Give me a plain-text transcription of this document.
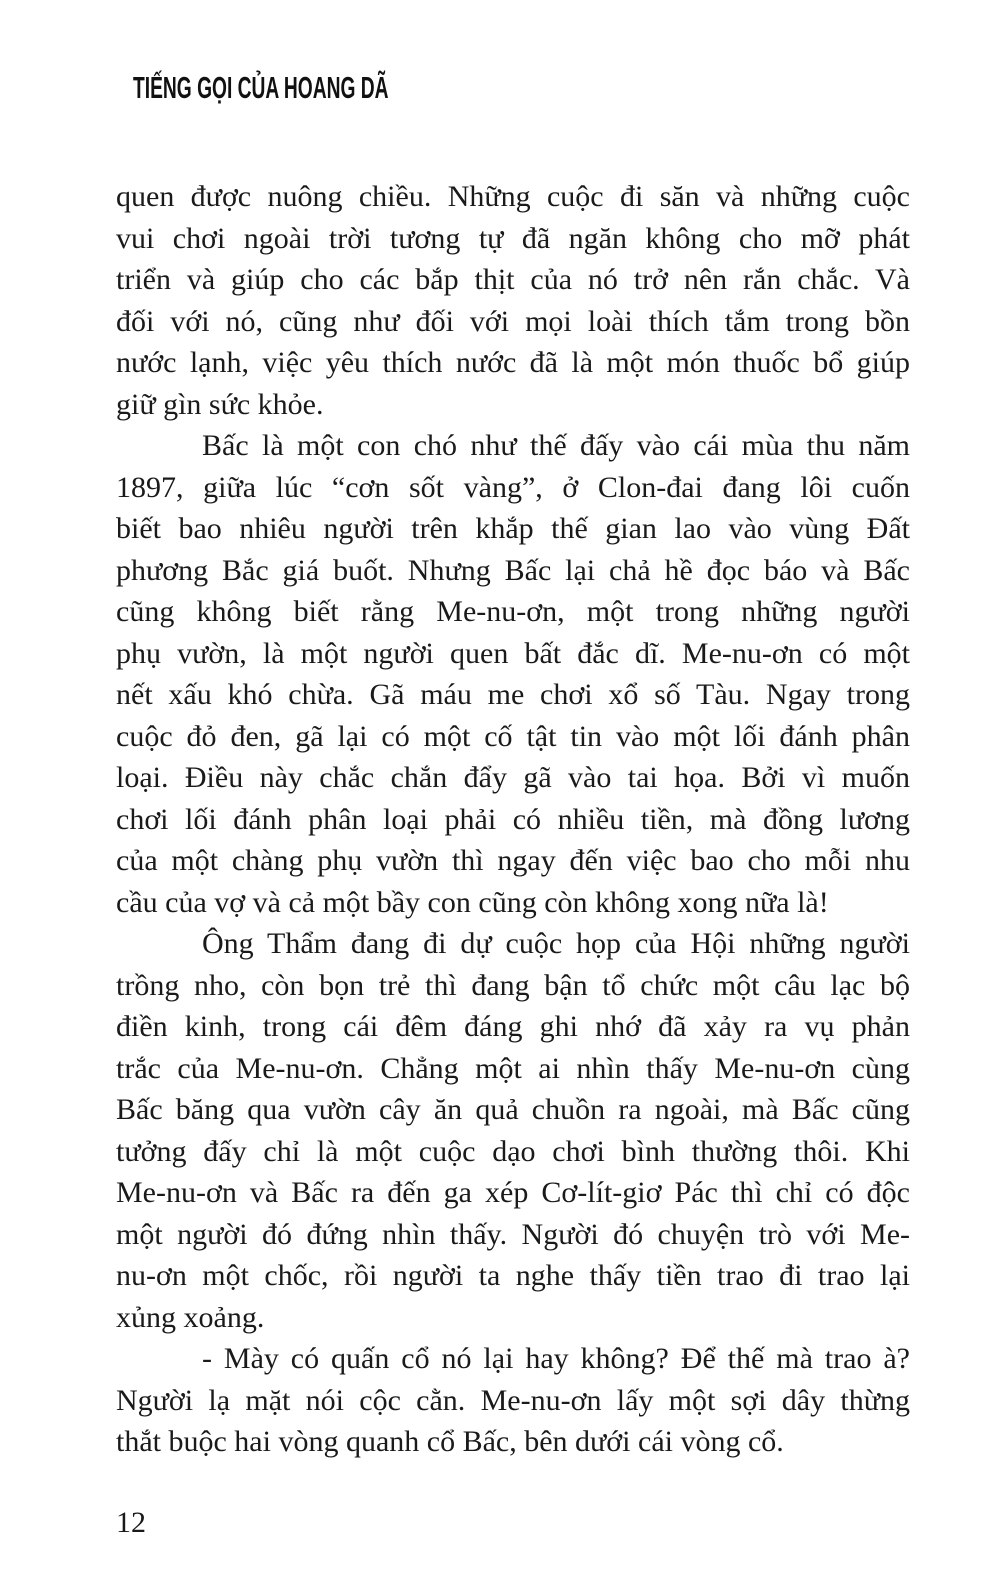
TIẾNG GỌI CỦA HOANG DÃ
quen được nuông chiều. Những cuộc đi săn và những cuộc
vui chơi ngoài trời tương tự đã ngăn không cho mỡ phát
triển và giúp cho các bắp thịt của nó trở nên rắn chắc. Và
đối với nó, cũng như đối với mọi loài thích tắm trong bồn
nước lạnh, việc yêu thích nước đã là một món thuốc bổ giúp
giữ gìn sức khỏe.
Bấc là một con chó như thế đấy vào cái mùa thu năm
1897, giữa lúc “cơn sốt vàng”, ở Clon-đai đang lôi cuốn
biết bao nhiêu người trên khắp thế gian lao vào vùng Đất
phương Bắc giá buốt. Nhưng Bấc lại chả hề đọc báo và Bấc
cũng không biết rằng Me-nu-ơn, một trong những người
phụ vườn, là một người quen bất đắc dĩ. Me-nu-ơn có một
nết xấu khó chừa. Gã máu me chơi xổ số Tàu. Ngay trong
cuộc đỏ đen, gã lại có một cố tật tin vào một lối đánh phân
loại. Điều này chắc chắn đẩy gã vào tai họa. Bởi vì muốn
chơi lối đánh phân loại phải có nhiều tiền, mà đồng lương
của một chàng phụ vườn thì ngay đến việc bao cho mỗi nhu
cầu của vợ và cả một bầy con cũng còn không xong nữa là!
Ông Thẩm đang đi dự cuộc họp của Hội những người
trồng nho, còn bọn trẻ thì đang bận tổ chức một câu lạc bộ
điền kinh, trong cái đêm đáng ghi nhớ đã xảy ra vụ phản
trắc của Me-nu-ơn. Chẳng một ai nhìn thấy Me-nu-ơn cùng
Bấc băng qua vườn cây ăn quả chuồn ra ngoài, mà Bấc cũng
tưởng đấy chỉ là một cuộc dạo chơi bình thường thôi. Khi
Me-nu-ơn và Bấc ra đến ga xép Cơ-lít-giơ Pác thì chỉ có độc
một người đó đứng nhìn thấy. Người đó chuyện trò với Me-
nu-ơn một chốc, rồi người ta nghe thấy tiền trao đi trao lại
xủng xoảng.
- Mày có quấn cổ nó lại hay không? Để thế mà trao à?
Người lạ mặt nói cộc cằn. Me-nu-ơn lấy một sợi dây thừng
thắt buộc hai vòng quanh cổ Bấc, bên dưới cái vòng cổ.
12
